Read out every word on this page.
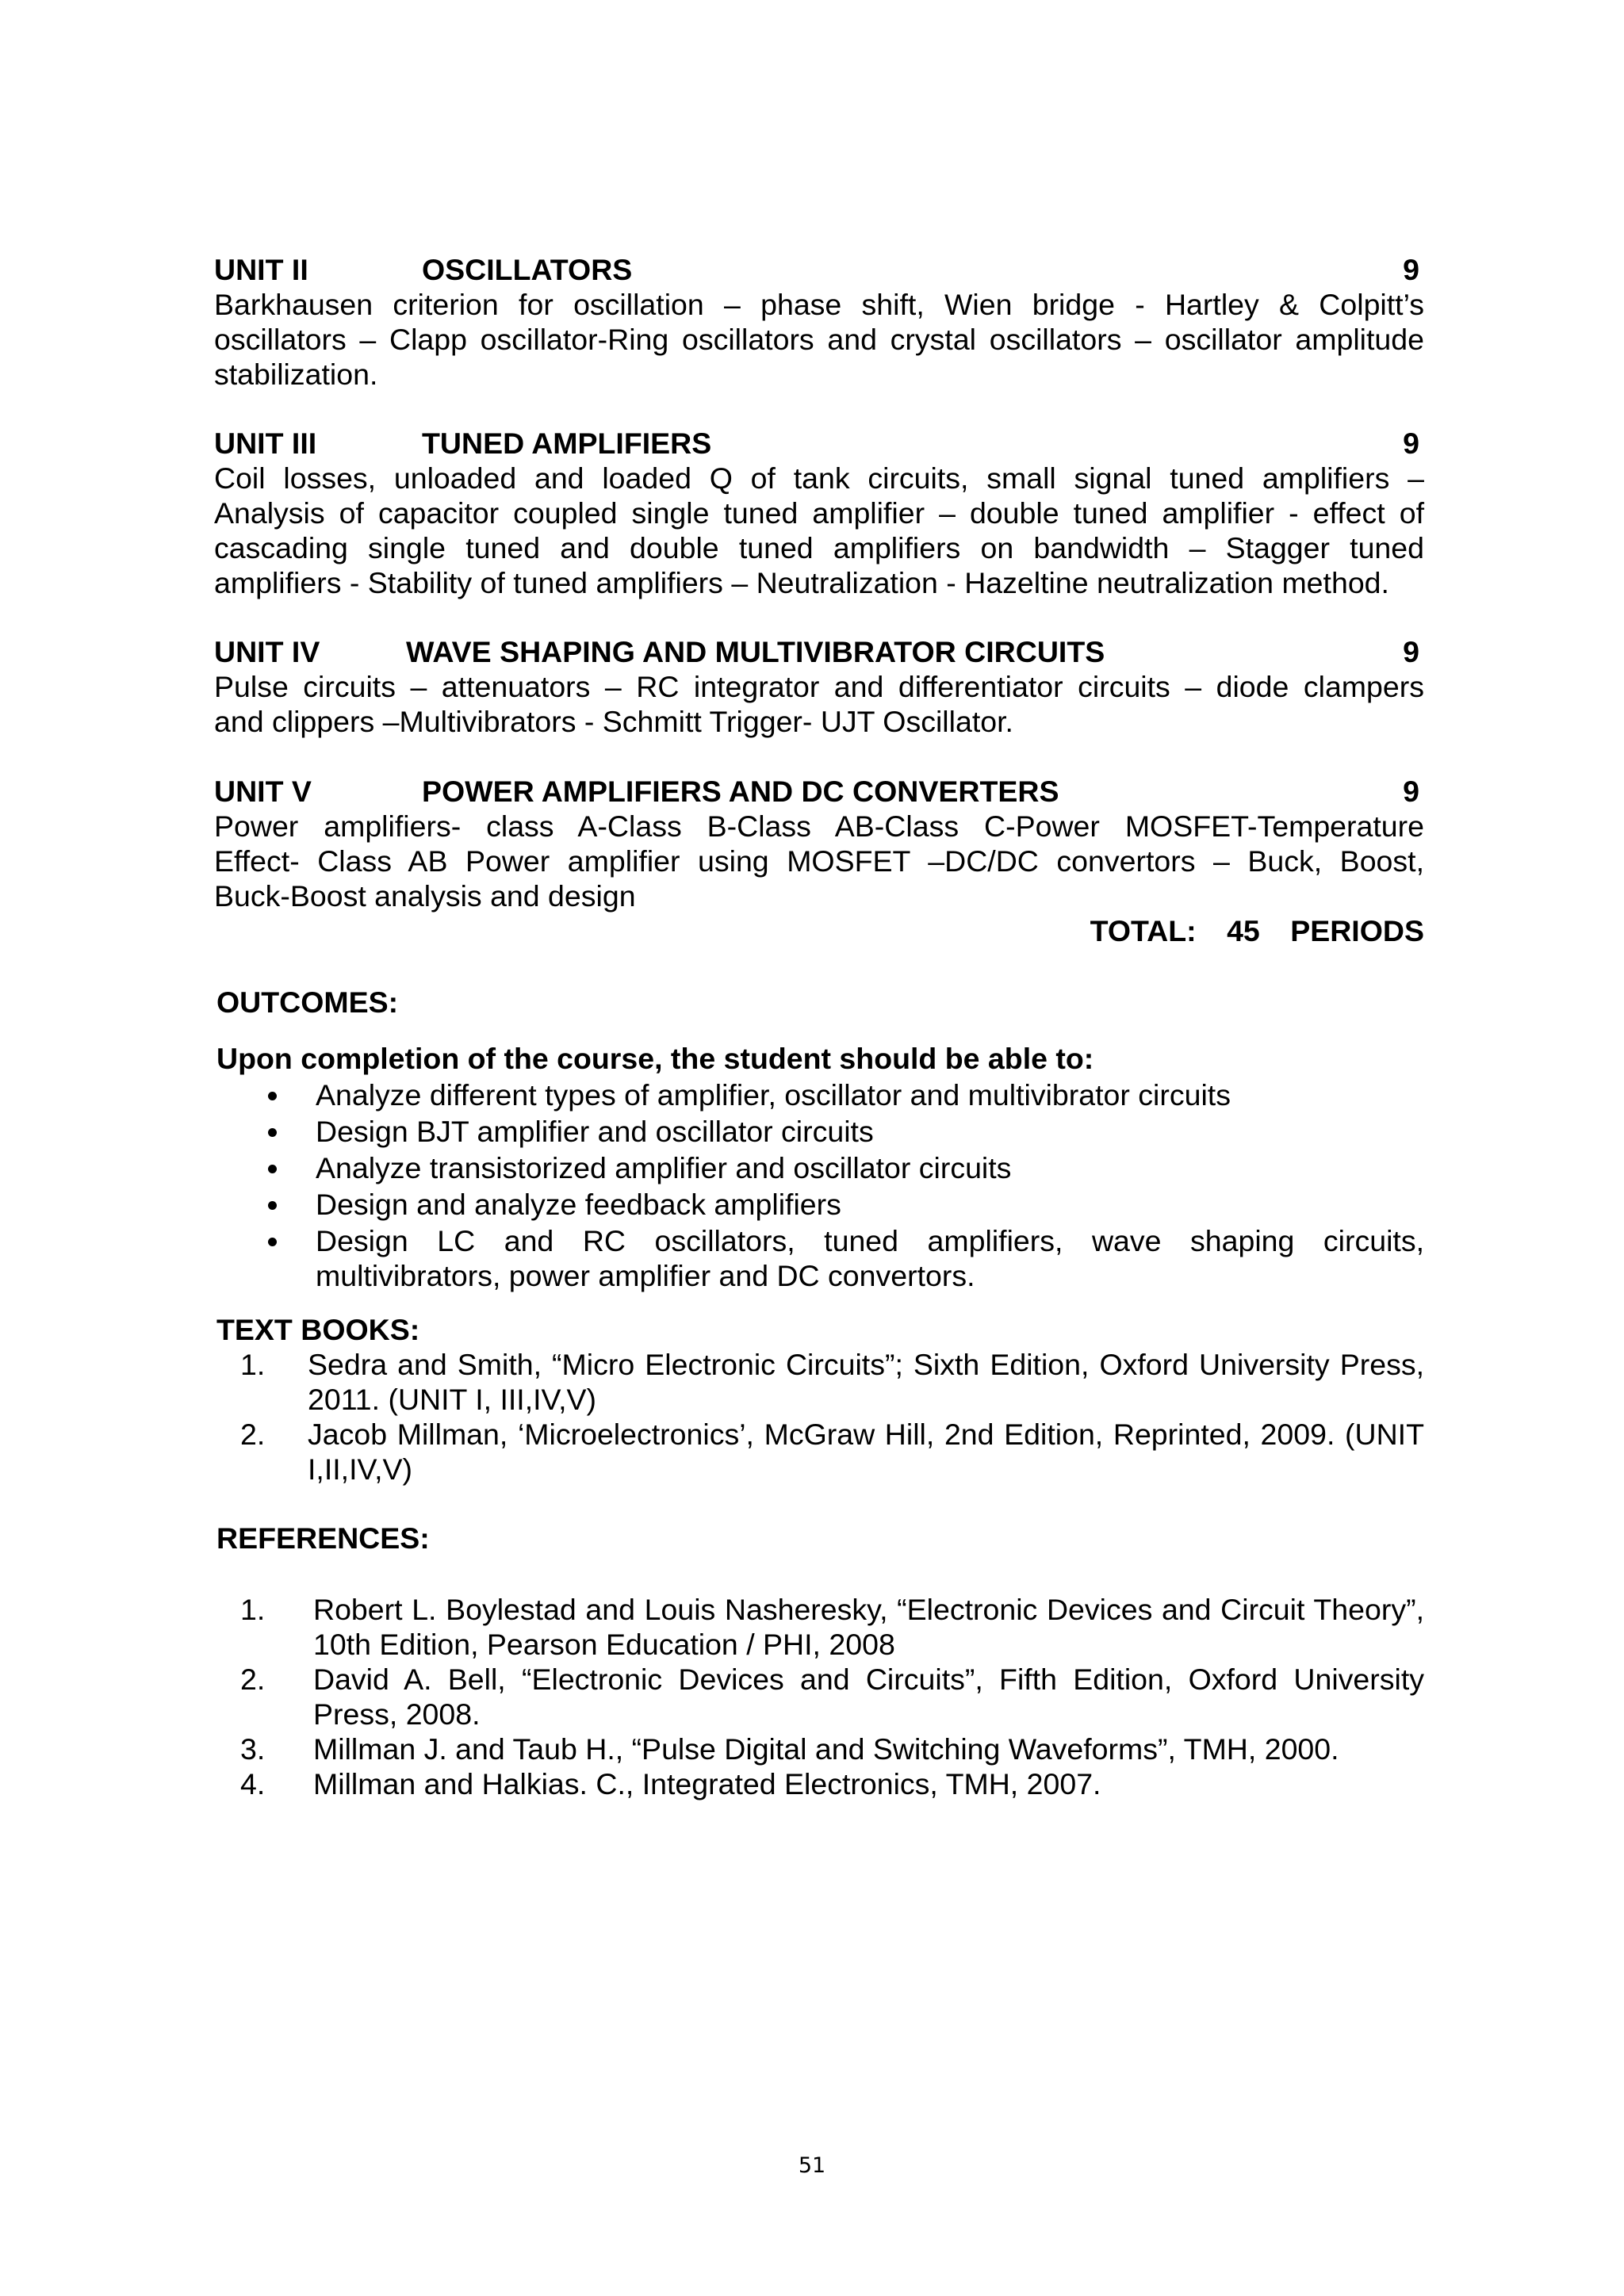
UNIT II	OSCILLATORS	9
Barkhausen criterion for oscillation – phase shift, Wien bridge - Hartley & Colpitt’s
oscillators – Clapp oscillator-Ring oscillators and crystal oscillators – oscillator amplitude
stabilization.
UNIT III	TUNED AMPLIFIERS	9
Coil losses, unloaded and loaded Q of tank circuits, small signal tuned amplifiers –
Analysis of capacitor coupled single tuned amplifier – double tuned amplifier - effect of
cascading single tuned and double tuned amplifiers on bandwidth – Stagger tuned
amplifiers - Stability of tuned amplifiers – Neutralization - Hazeltine neutralization method.
UNIT IV	WAVE SHAPING AND MULTIVIBRATOR CIRCUITS	9
Pulse circuits – attenuators – RC integrator and differentiator circuits – diode clampers
and clippers –Multivibrators - Schmitt Trigger- UJT Oscillator.
UNIT V	POWER AMPLIFIERS AND DC CONVERTERS	9
Power amplifiers- class A-Class B-Class AB-Class C-Power MOSFET-Temperature
Effect- Class AB Power amplifier using MOSFET –DC/DC convertors – Buck, Boost,
Buck-Boost analysis and design
TOTAL: 45 PERIODS
OUTCOMES:
Upon completion of the course, the student should be able to:
Analyze different types of amplifier, oscillator and multivibrator circuits
Design BJT amplifier and oscillator circuits
Analyze transistorized amplifier and oscillator circuits
Design and analyze feedback amplifiers
Design LC and RC oscillators, tuned amplifiers, wave shaping circuits, multivibrators, power amplifier and DC convertors.
TEXT BOOKS:
1.	Sedra and Smith, “Micro Electronic Circuits”; Sixth Edition, Oxford University Press, 2011. (UNIT I, III,IV,V)
2.	Jacob Millman, ‘Microelectronics’, McGraw Hill, 2nd Edition, Reprinted, 2009. (UNIT I,II,IV,V)
REFERENCES:
1.	Robert L. Boylestad and Louis Nasheresky, “Electronic Devices and Circuit Theory”, 10th Edition, Pearson Education / PHI, 2008
2.	David A. Bell, “Electronic Devices and Circuits”, Fifth Edition, Oxford University Press, 2008.
3.	Millman J. and Taub H., “Pulse Digital and Switching Waveforms”, TMH, 2000.
4.	Millman and Halkias. C., Integrated Electronics, TMH, 2007.
51
